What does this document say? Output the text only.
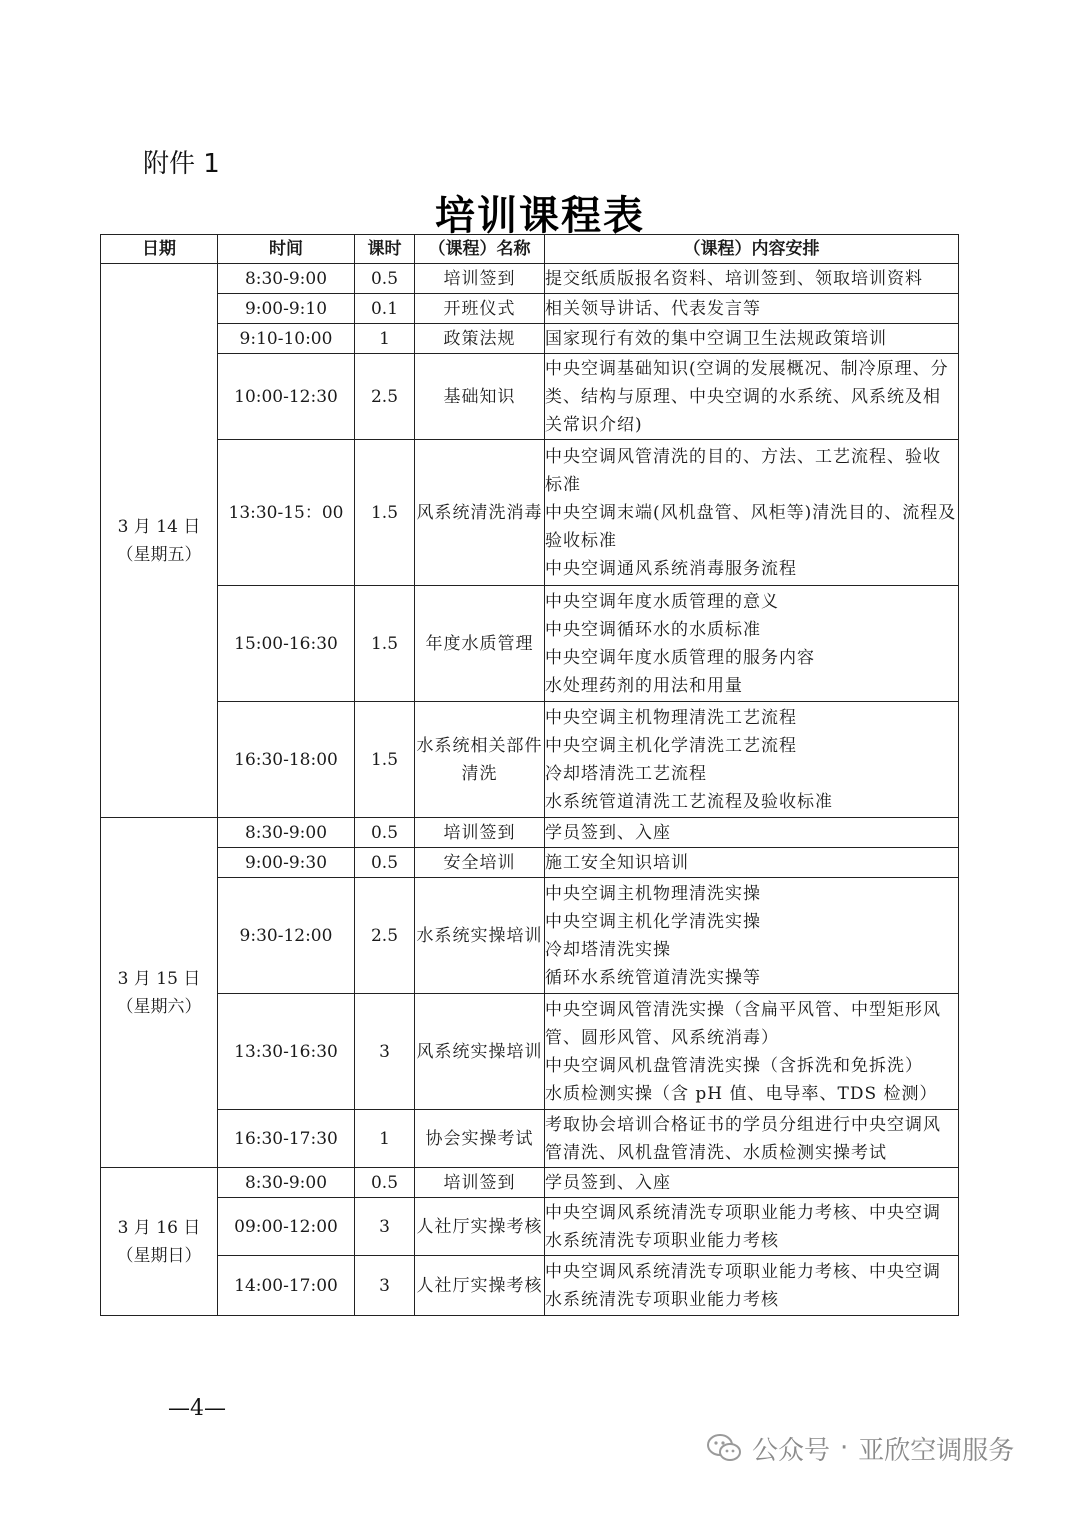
附件 1
培训课程表
日期	时间	课时	（课程）名称	（课程）内容安排

3 月 14 日
（星期五）	8:30-9:00	0.5	培训签到	提交纸质版报名资料、培训签到、领取培训资料

	9:00-9:10	0.1	开班仪式	相关领导讲话、代表发言等

	9:10-10:00	1	政策法规	国家现行有效的集中空调卫生法规政策培训

	10:00-12:30	2.5	基础知识	中央空调基础知识(空调的发展概况、制冷原理、分类、结构与原理、中央空调的水系统、风系统及相关常识介绍)

	13:30-15：00	1.5	风系统清洗消毒	中央空调风管清洗的目的、方法、工艺流程、验收标准
中央空调末端(风机盘管、风柜等)清洗目的、流程及验收标准
中央空调通风系统消毒服务流程

	15:00-16:30	1.5	年度水质管理	中央空调年度水质管理的意义
中央空调循环水的水质标准
中央空调年度水质管理的服务内容
水处理药剂的用法和用量

	16:30-18:00	1.5	水系统相关部件清洗	中央空调主机物理清洗工艺流程
中央空调主机化学清洗工艺流程
冷却塔清洗工艺流程
水系统管道清洗工艺流程及验收标准

3 月 15 日
（星期六）	8:30-9:00	0.5	培训签到	学员签到、入座

	9:00-9:30	0.5	安全培训	施工安全知识培训

	9:30-12:00	2.5	水系统实操培训	中央空调主机物理清洗实操
中央空调主机化学清洗实操
冷却塔清洗实操
循环水系统管道清洗实操等

	13:30-16:30	3	风系统实操培训	中央空调风管清洗实操（含扁平风管、中型矩形风管、圆形风管、风系统消毒）
中央空调风机盘管清洗实操（含拆洗和免拆洗）
水质检测实操（含 pH 值、电导率、TDS 检测）

	16:30-17:30	1	协会实操考试	考取协会培训合格证书的学员分组进行中央空调风管清洗、风机盘管清洗、水质检测实操考试

3 月 16 日
（星期日）	8:30-9:00	0.5	培训签到	学员签到、入座

	09:00-12:00	3	人社厅实操考核	中央空调风系统清洗专项职业能力考核、中央空调水系统清洗专项职业能力考核

	14:00-17:00	3	人社厅实操考核	中央空调风系统清洗专项职业能力考核、中央空调水系统清洗专项职业能力考核
—4—
公众号 · 亚欣空调服务
